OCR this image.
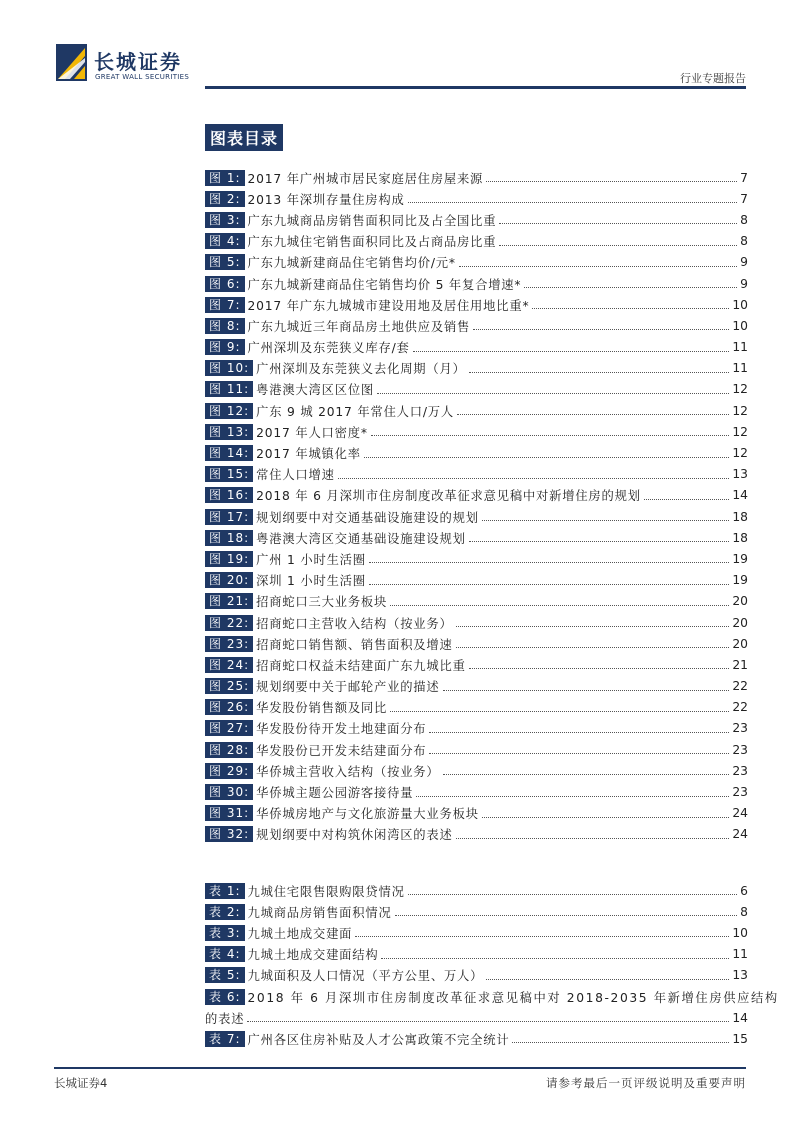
长城证券
GREAT WALL SECURITIES	行业专题报告
图表目录
图 1: 2017 年广州城市居民家庭居住房屋来源	7
图 2: 2013 年深圳存量住房构成	7
图 3: 广东九城商品房销售面积同比及占全国比重	8
图 4: 广东九城住宅销售面积同比及占商品房比重	8
图 5: 广东九城新建商品住宅销售均价/元*	9
图 6: 广东九城新建商品住宅销售均价 5 年复合增速*	9
图 7: 2017 年广东九城城市建设用地及居住用地比重*	10
图 8: 广东九城近三年商品房土地供应及销售	10
图 9: 广州深圳及东莞狭义库存/套	11
图 10: 广州深圳及东莞狭义去化周期（月）	11
图 11: 粤港澳大湾区区位图	12
图 12: 广东 9 城 2017 年常住人口/万人	12
图 13: 2017 年人口密度*	12
图 14: 2017 年城镇化率	12
图 15: 常住人口增速	13
图 16: 2018 年 6 月深圳市住房制度改革征求意见稿中对新增住房的规划	14
图 17: 规划纲要中对交通基础设施建设的规划	18
图 18: 粤港澳大湾区交通基础设施建设规划	18
图 19: 广州 1 小时生活圈	19
图 20: 深圳 1 小时生活圈	19
图 21: 招商蛇口三大业务板块	20
图 22: 招商蛇口主营收入结构（按业务）	20
图 23: 招商蛇口销售额、销售面积及增速	20
图 24: 招商蛇口权益未结建面广东九城比重	21
图 25: 规划纲要中关于邮轮产业的描述	22
图 26: 华发股份销售额及同比	22
图 27: 华发股份待开发土地建面分布	23
图 28: 华发股份已开发未结建面分布	23
图 29: 华侨城主营收入结构（按业务）	23
图 30: 华侨城主题公园游客接待量	23
图 31: 华侨城房地产与文化旅游量大业务板块	24
图 32: 规划纲要中对构筑休闲湾区的表述	24
表 1: 九城住宅限售限购限贷情况	6
表 2: 九城商品房销售面积情况	8
表 3: 九城土地成交建面	10
表 4: 九城土地成交建面结构	11
表 5: 九城面积及人口情况（平方公里、万人）	13
表 6: 2018 年 6 月深圳市住房制度改革征求意见稿中对 2018-2035 年新增住房供应结构
的表述	14
表 7: 广州各区住房补贴及人才公寓政策不完全统计	15
长城证券4	请参考最后一页评级说明及重要声明
